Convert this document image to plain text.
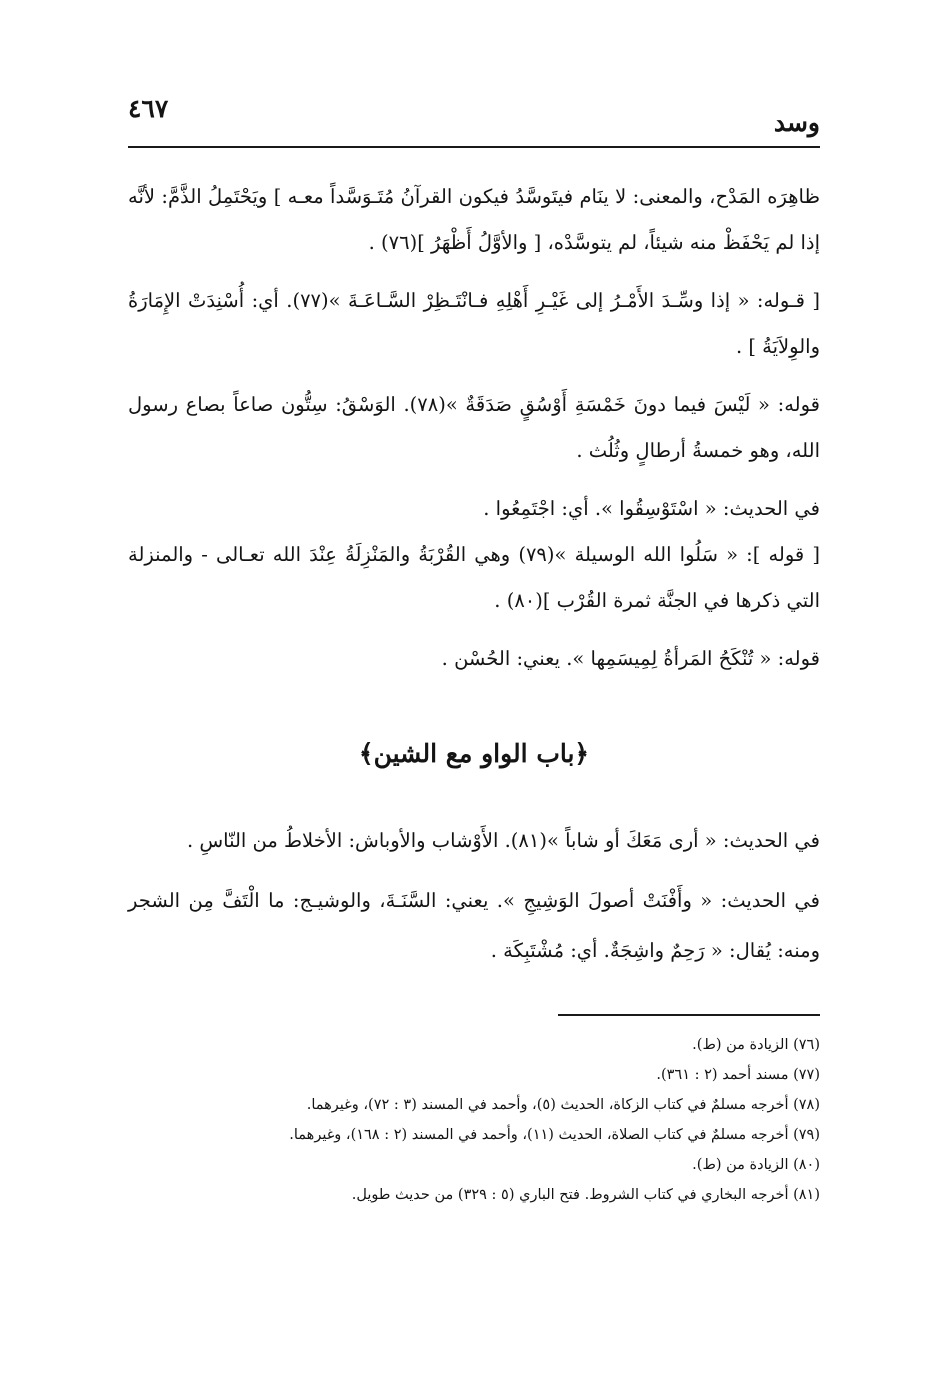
وسد
٤٦٧

ظاهِرَه المَدْح، والمعنى: لا ينَام فيتَوسَّدُ فيكون القرآنُ مُتَـوَسَّداً معـه ] ويَحْتَمِلُ الذَّمَّ: لأنَّه إذا لم يَحْفَظْ منه شيئاً، لم يتوسَّدْه، [ والأوَّلُ أَظْهَرُ ](٧٦) .

[ قـوله: « إذا وسِّـدَ الأَمْـرُ إلى غَيْـرِ أَهْلِهِ فـانْتَـظِرْ السَّـاعَـةَ »(٧٧). أي: أُسْنِدَتْ الإِمَارَةُ والوِلاَيَةُ ] .

قوله: « لَيْسَ فيما دونَ خَمْسَةِ أَوْسُقٍ صَدَقَةٌ »(٧٨). الوَسْقُ: سِتُّون صاعاً بصاع رسول الله، وهو خمسةُ أرطالٍ وثُلُث .

في الحديث: « اسْتَوْسِقُوا ». أي: اجْتَمِعُوا .

[ قوله ]: « سَلُوا الله الوسيلة »(٧٩) وهي القُرْبَةُ والمَنْزِلَةُ عِنْدَ الله تعـالى - والمنزلة التي ذكرها في الجنَّة ثمرة القُرْب ](٨٠) .

قوله: « تُنْكَحُ المَرأةُ لِمِيسَمِها ». يعني: الحُسْن .

﴿باب الواو مع الشين﴾

في الحديث: « أرى مَعَكَ أو شاباً »(٨١). الأَوْشاب والأوباش: الأخلاطُ من النّاسِ .

في الحديث: « وأَفْنَتْ أصولَ الوَشِيجِ ». يعني: السَّنَـةَ، والوشيـج: ما الْتَفَّ مِن الشجر ومنه: يُقال: « رَحِمٌ واشِجَةٌ. أي: مُشْتَبِكَة .

(٧٦) الزيادة من (ط).
(٧٧) مسند أحمد (٢ : ٣٦١).
(٧٨) أخرجه مسلمٌ في كتاب الزكاة، الحديث (٥)، وأحمد في المسند (٣ : ٧٢)، وغيرهما.
(٧٩) أخرجه مسلمٌ في كتاب الصلاة، الحديث (١١)، وأحمد في المسند (٢ : ١٦٨)، وغيرهما.
(٨٠) الزيادة من (ط).
(٨١) أخرجه البخاري في كتاب الشروط. فتح الباري (٥ : ٣٢٩) من حديث طويل.
